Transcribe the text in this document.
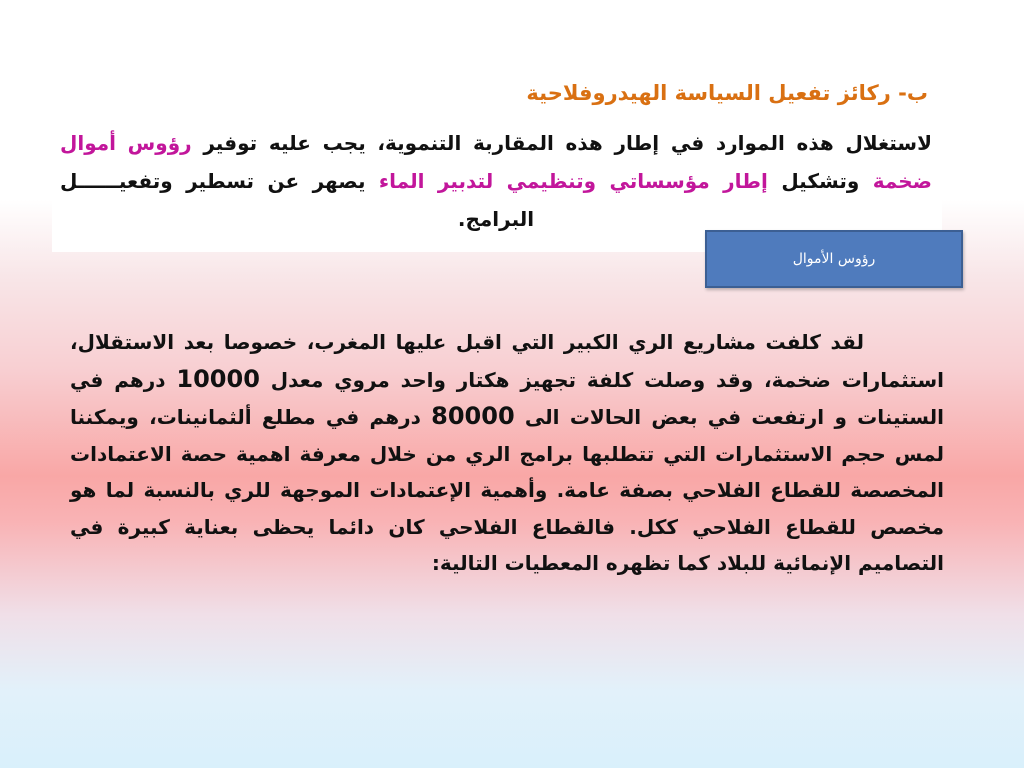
ب- ركائز تفعيل السياسة الهيدروفلاحية

لاستغلال هذه الموارد في إطار هذه المقاربة التنموية، يجب عليه توفير رؤوس أموال ضخمة وتشكيل إطار مؤسساتي وتنظيمي لتدبير الماء يصهر عن تسطير وتفعيــــــل البرامج.

رؤوس الأموال

لقد كلفت مشاريع الري الكبير التي اقبل عليها المغرب، خصوصا بعد الاستقلال، استثمارات ضخمة، وقد وصلت كلفة تجهيز هكتار واحد مروي معدل 10000 درهم في الستينات و ارتفعت في بعض الحالات الى 80000 درهم في مطلع ألثمانينات، ويمكننا لمس حجم الاستثمارات التي تتطلبها برامج الري من خلال معرفة اهمية حصة الاعتمادات المخصصة للقطاع الفلاحي بصفة عامة. وأهمية الإعتمادات الموجهة للري بالنسبة لما هو مخصص للقطاع الفلاحي ككل. فالقطاع الفلاحي كان دائما يحظى بعناية كبيرة في التصاميم الإنمائية للبلاد كما تظهره المعطيات التالية:
